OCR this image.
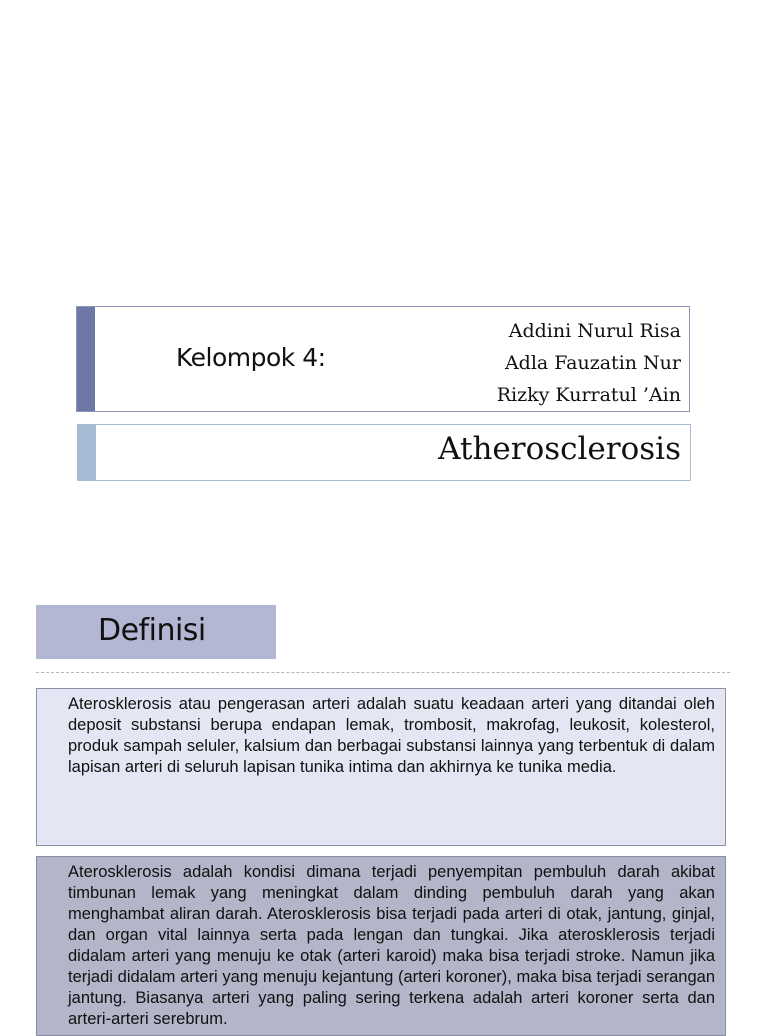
Kelompok 4:
Addini Nurul Risa
Adla Fauzatin Nur
Rizky Kurratul ’Ain
Atherosclerosis
Definisi
Aterosklerosis atau pengerasan arteri adalah suatu keadaan arteri yang ditandai oleh deposit substansi berupa endapan lemak, trombosit, makrofag, leukosit, kolesterol, produk sampah seluler, kalsium dan berbagai substansi lainnya yang terbentuk di dalam lapisan arteri di seluruh lapisan tunika intima dan akhirnya ke tunika media.
Aterosklerosis adalah kondisi dimana terjadi penyempitan pembuluh darah akibat timbunan lemak yang meningkat dalam dinding pembuluh darah yang akan menghambat aliran darah. Aterosklerosis bisa terjadi pada arteri di otak, jantung, ginjal, dan organ vital lainnya serta pada lengan dan tungkai. Jika aterosklerosis terjadi didalam arteri yang menuju ke otak (arteri karoid) maka bisa terjadi stroke. Namun jika terjadi didalam arteri yang menuju kejantung (arteri koroner), maka bisa terjadi serangan jantung. Biasanya arteri yang paling sering terkena adalah arteri koroner serta dan arteri-arteri serebrum.
